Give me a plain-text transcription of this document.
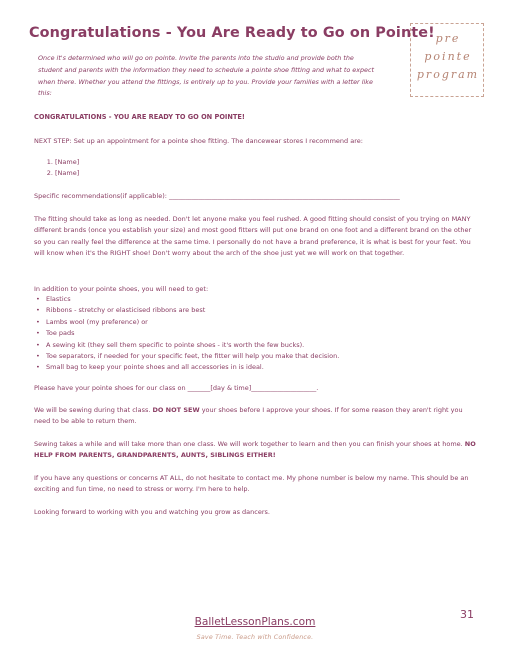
Congratulations - You Are Ready to Go on Pointe! pre
pointe
program
Once it's determined who will go on pointe. Invite the parents into the studio and provide both the student and parents with the information they need to schedule a pointe shoe fitting and what to expect when there. Whether you attend the fittings, is entirely up to you. Provide your families with a letter like this:
CONGRATULATIONS - YOU ARE READY TO GO ON POINTE!
NEXT STEP: Set up an appointment for a pointe shoe fitting. The dancewear stores I recommend are:
1. [Name]
2. [Name]
Specific recommendations(if applicable): _______________________________________________________________________
The fitting should take as long as needed. Don't let anyone make you feel rushed. A good fitting should consist of you trying on MANY different brands (once you establish your size) and most good fitters will put one brand on one foot and a different brand on the other so you can really feel the difference at the same time. I personally do not have a brand preference, it is what is best for your feet. You will know when it's the RIGHT shoe! Don't worry about the arch of the shoe just yet we will work on that together.
In addition to your pointe shoes, you will need to get:
• Elastics
• Ribbons - stretchy or elasticised ribbons are best
• Lambs wool (my preference) or
• Toe pads
• A sewing kit (they sell them specific to pointe shoes - it's worth the few bucks).
• Toe separators, if needed for your specific feet, the fitter will help you make that decision.
• Small bag to keep your pointe shoes and all accessories in is ideal.
Please have your pointe shoes for our class on _______[day & time]____________________.
We will be sewing during that class. DO NOT SEW your shoes before I approve your shoes. If for some reason they aren't right you need to be able to return them.
Sewing takes a while and will take more than one class. We will work together to learn and then you can finish your shoes at home. NO HELP FROM PARENTS, GRANDPARENTS, AUNTS, SIBLINGS EITHER!
If you have any questions or concerns AT ALL, do not hesitate to contact me. My phone number is below my name. This should be an exciting and fun time, no need to stress or worry. I'm here to help.
Looking forward to working with you and watching you grow as dancers.
31
BalletLessonPlans.com
Save Time. Teach with Confidence.
